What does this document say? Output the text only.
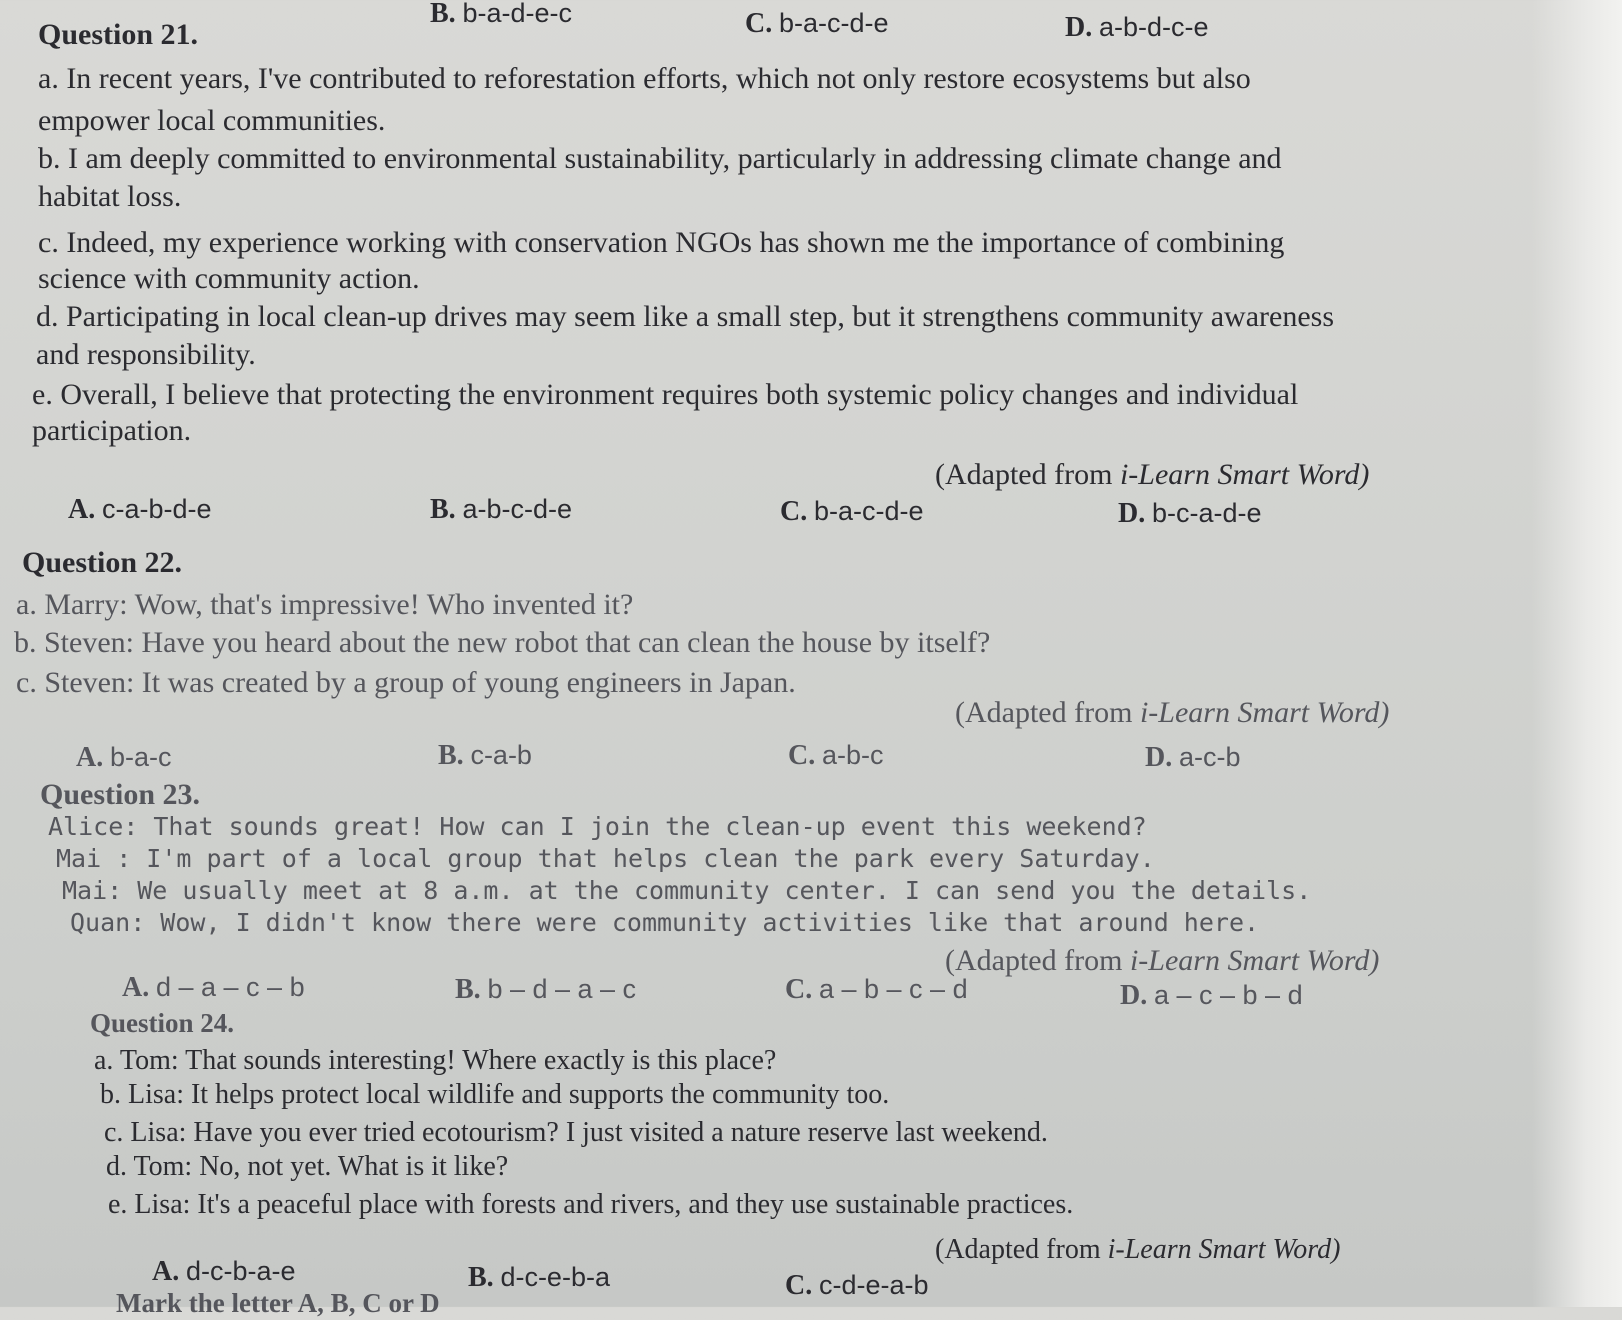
B. b-a-d-e-c	C. b-a-c-d-e	D. a-b-d-c-e
Question 21.
a. In recent years, I've contributed to reforestation efforts, which not only restore ecosystems but also
empower local communities.
b. I am deeply committed to environmental sustainability, particularly in addressing climate change and
habitat loss.
c. Indeed, my experience working with conservation NGOs has shown me the importance of combining
science with community action.
d. Participating in local clean-up drives may seem like a small step, but it strengthens community awareness
and responsibility.
e. Overall, I believe that protecting the environment requires both systemic policy changes and individual
participation.
(Adapted from i-Learn Smart Word)
A. c-a-b-d-e	B. a-b-c-d-e	C. b-a-c-d-e	D. b-c-a-d-e
Question 22.
a. Marry: Wow, that's impressive! Who invented it?
b. Steven: Have you heard about the new robot that can clean the house by itself?
c. Steven: It was created by a group of young engineers in Japan.
(Adapted from i-Learn Smart Word)
A. b-a-c	B. c-a-b	C. a-b-c	D. a-c-b
Question 23.
Alice: That sounds great! How can I join the clean-up event this weekend?
Mai : I'm part of a local group that helps clean the park every Saturday.
Mai: We usually meet at 8 a.m. at the community center. I can send you the details.
Quan: Wow, I didn't know there were community activities like that around here.
(Adapted from i-Learn Smart Word)
A. d – a – c – b	B. b – d – a – c	C. a – b – c – d	D. a – c – b – d
Question 24.
a. Tom: That sounds interesting! Where exactly is this place?
b. Lisa: It helps protect local wildlife and supports the community too.
c. Lisa: Have you ever tried ecotourism? I just visited a nature reserve last weekend.
d. Tom: No, not yet. What is it like?
e. Lisa: It's a peaceful place with forests and rivers, and they use sustainable practices.
(Adapted from i-Learn Smart Word)
A. d-c-b-a-e	B. d-c-e-b-a	C. c-d-e-a-b
Mark the letter A, B, C or D
